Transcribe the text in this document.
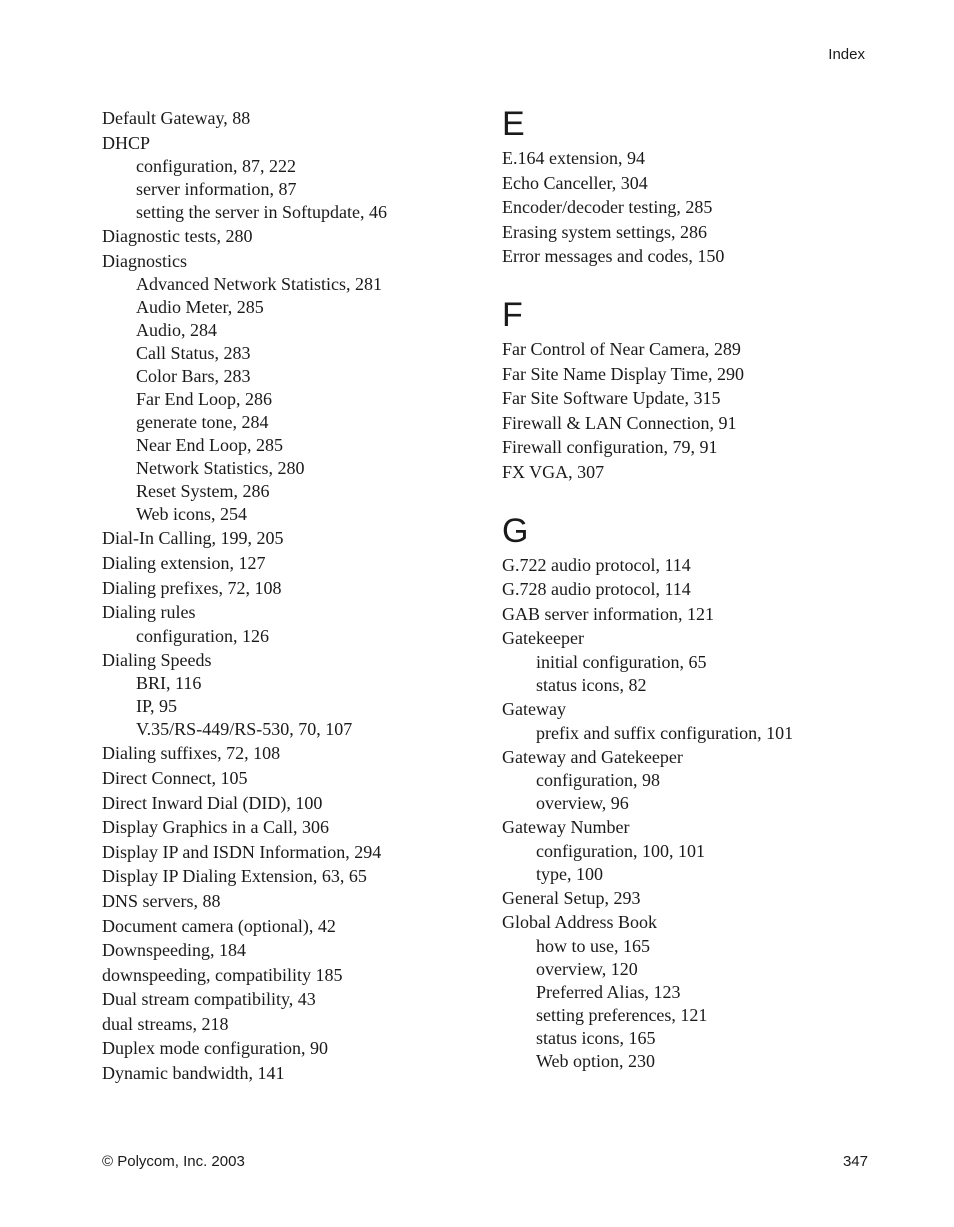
Index
Default Gateway, 88
DHCP
configuration, 87, 222
server information, 87
setting the server in Softupdate, 46
Diagnostic tests, 280
Diagnostics
Advanced Network Statistics, 281
Audio Meter, 285
Audio, 284
Call Status, 283
Color Bars, 283
Far End Loop, 286
generate tone, 284
Near End Loop, 285
Network Statistics, 280
Reset System, 286
Web icons, 254
Dial-In Calling, 199, 205
Dialing extension, 127
Dialing prefixes, 72, 108
Dialing rules
configuration, 126
Dialing Speeds
BRI, 116
IP, 95
V.35/RS-449/RS-530, 70, 107
Dialing suffixes, 72, 108
Direct Connect, 105
Direct Inward Dial (DID), 100
Display Graphics in a Call, 306
Display IP and ISDN Information, 294
Display IP Dialing Extension, 63, 65
DNS servers, 88
Document camera (optional), 42
Downspeeding, 184
downspeeding, compatibility 185
Dual stream compatibility, 43
dual streams, 218
Duplex mode configuration, 90
Dynamic bandwidth, 141
E
E.164 extension, 94
Echo Canceller, 304
Encoder/decoder testing, 285
Erasing system settings, 286
Error messages and codes, 150
F
Far Control of Near Camera, 289
Far Site Name Display Time, 290
Far Site Software Update, 315
Firewall & LAN Connection, 91
Firewall configuration, 79, 91
FX VGA, 307
G
G.722 audio protocol, 114
G.728 audio protocol, 114
GAB server information, 121
Gatekeeper
initial configuration, 65
status icons, 82
Gateway
prefix and suffix configuration, 101
Gateway and Gatekeeper
configuration, 98
overview, 96
Gateway Number
configuration, 100, 101
type, 100
General Setup, 293
Global Address Book
how to use, 165
overview, 120
Preferred Alias, 123
setting preferences, 121
status icons, 165
Web option, 230
© Polycom, Inc. 2003	347
